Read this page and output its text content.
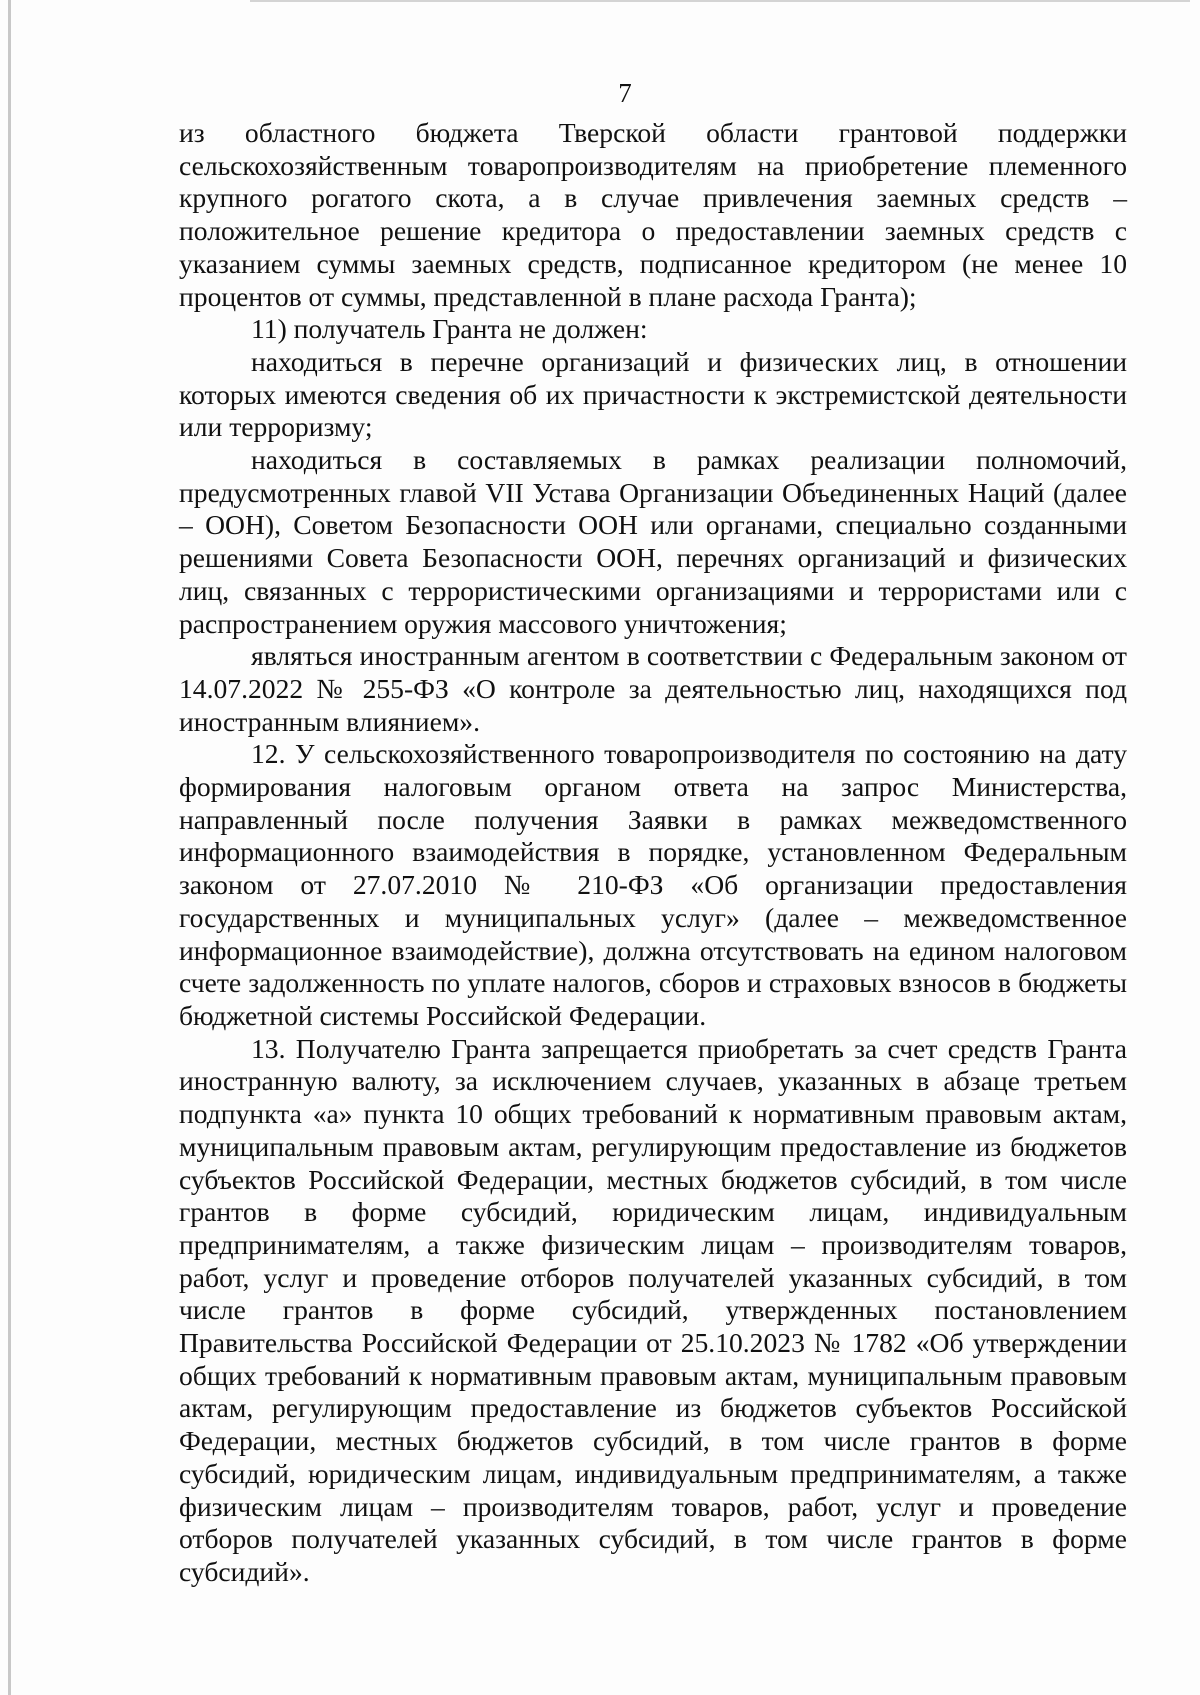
7

из областного бюджета Тверской области грантовой поддержки сельскохозяйственным товаропроизводителям на приобретение племенного крупного рогатого скота, а в случае привлечения заемных средств – положительное решение кредитора о предоставлении заемных средств с указанием суммы заемных средств, подписанное кредитором (не менее 10 процентов от суммы, представленной в плане расхода Гранта);

11) получатель Гранта не должен:

находиться в перечне организаций и физических лиц, в отношении которых имеются сведения об их причастности к экстремистской деятельности или терроризму;

находиться в составляемых в рамках реализации полномочий, предусмотренных главой VII Устава Организации Объединенных Наций (далее – ООН), Советом Безопасности ООН или органами, специально созданными решениями Совета Безопасности ООН, перечнях организаций и физических лиц, связанных с террористическими организациями и террористами или с распространением оружия массового уничтожения;

являться иностранным агентом в соответствии с Федеральным законом от 14.07.2022 № 255-ФЗ «О контроле за деятельностью лиц, находящихся под иностранным влиянием».

12. У сельскохозяйственного товаропроизводителя по состоянию на дату формирования налоговым органом ответа на запрос Министерства, направленный после получения Заявки в рамках межведомственного информационного взаимодействия в порядке, установленном Федеральным законом от 27.07.2010 № 210-ФЗ «Об организации предоставления государственных и муниципальных услуг» (далее – межведомственное информационное взаимодействие), должна отсутствовать на едином налоговом счете задолженность по уплате налогов, сборов и страховых взносов в бюджеты бюджетной системы Российской Федерации.

13. Получателю Гранта запрещается приобретать за счет средств Гранта иностранную валюту, за исключением случаев, указанных в абзаце третьем подпункта «а» пункта 10 общих требований к нормативным правовым актам, муниципальным правовым актам, регулирующим предоставление из бюджетов субъектов Российской Федерации, местных бюджетов субсидий, в том числе грантов в форме субсидий, юридическим лицам, индивидуальным предпринимателям, а также физическим лицам – производителям товаров, работ, услуг и проведение отборов получателей указанных субсидий, в том числе грантов в форме субсидий, утвержденных постановлением Правительства Российской Федерации от 25.10.2023 № 1782 «Об утверждении общих требований к нормативным правовым актам, муниципальным правовым актам, регулирующим предоставление из бюджетов субъектов Российской Федерации, местных бюджетов субсидий, в том числе грантов в форме субсидий, юридическим лицам, индивидуальным предпринимателям, а также физическим лицам – производителям товаров, работ, услуг и проведение отборов получателей указанных субсидий, в том числе грантов в форме субсидий».
